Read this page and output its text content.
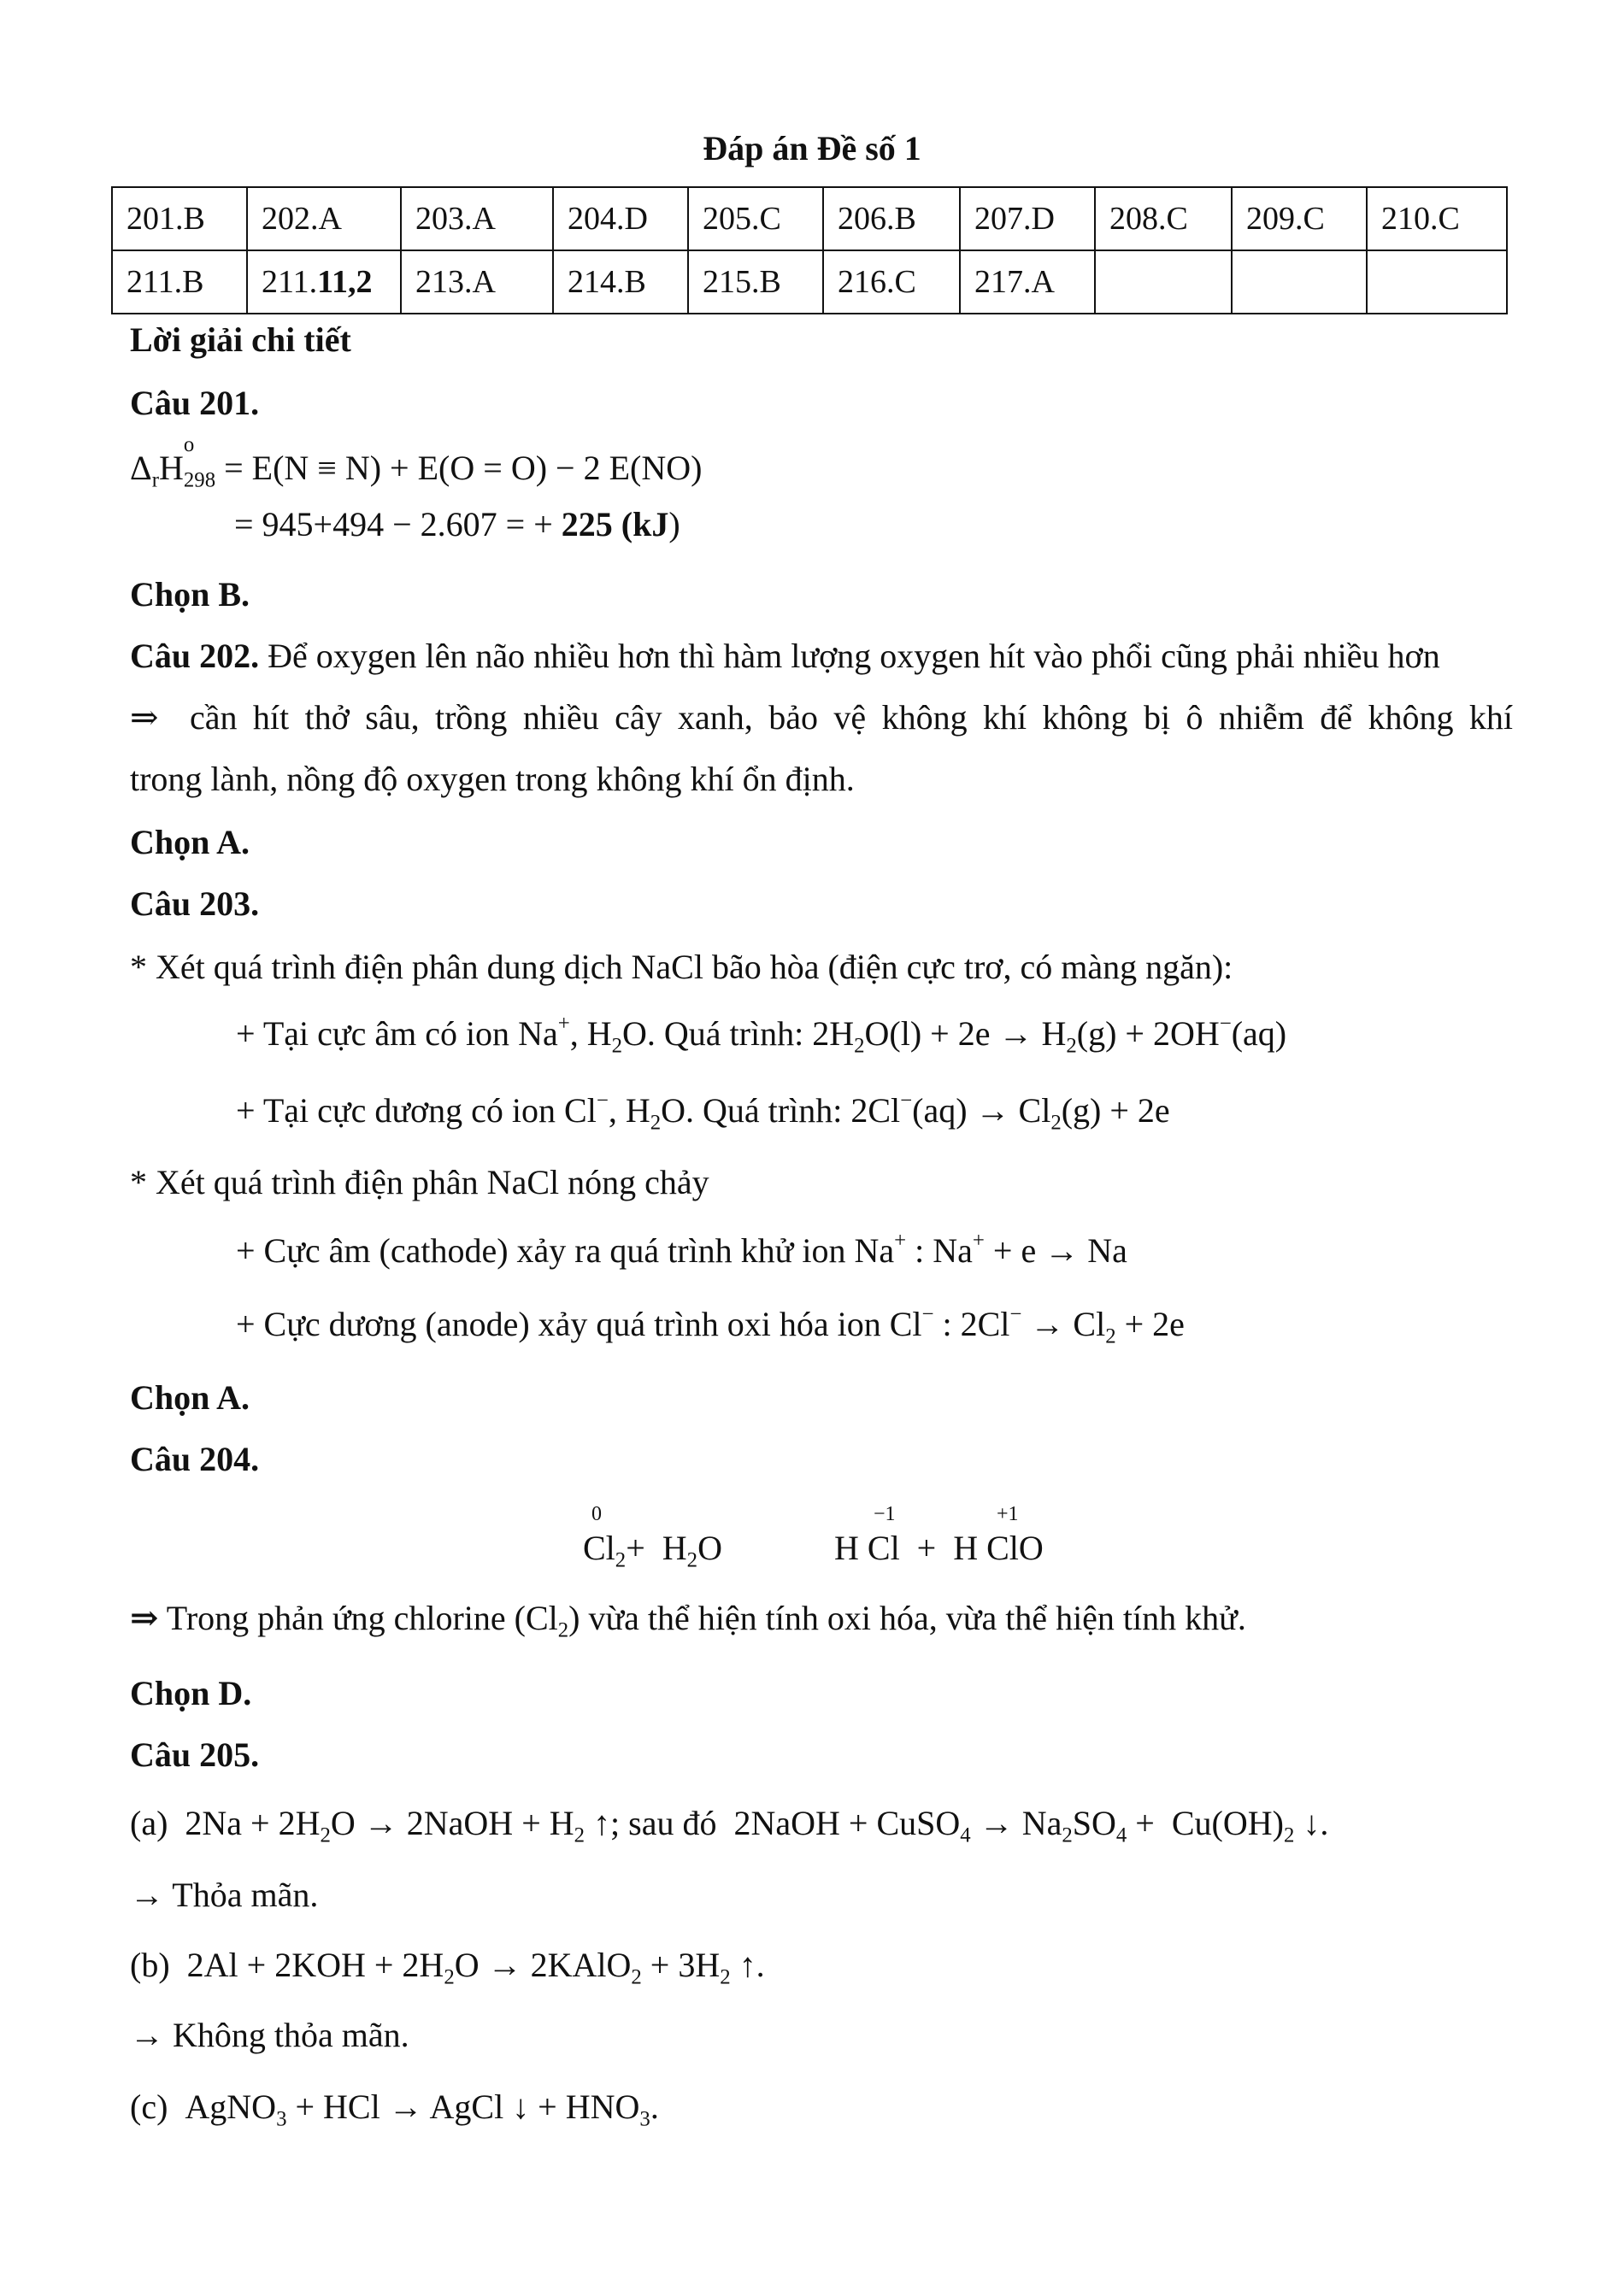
Đáp án Đề số 1
201.B	202.A	203.A	204.D	205.C	206.B	207.D	208.C	209.C	210.C
211.B	211.11,2	213.A	214.B	215.B	216.C	217.A			
Lời giải chi tiết
Câu 201.
$\Delta_rH$
o
$_{298}$ = E(N ≡ N) + E(O = O) − 2 E(NO)
= 945+494 − 2.607 = + 225 (kJ)
Chọn B.
Câu 202. Để oxygen lên não nhiều hơn thì hàm lượng oxygen hít vào phổi cũng phải nhiều hơn
⇒ cần hít thở sâu, trồng nhiều cây xanh, bảo vệ không khí không bị ô nhiễm để không khí
trong lành, nồng độ oxygen trong không khí ổn định.
Chọn A.
Câu 203.
* Xét quá trình điện phân dung dịch NaCl bão hòa (điện cực trơ, có màng ngăn):
+ Tại cực âm có ion Na+, $H_2O$. Quá trình: $2H_2O(l) + 2e \to H_2(g) + 2OH^-(aq)$
+ Tại cực dương có ion Cl−, $H_2O$. Quá trình: $2Cl^-(aq) \to Cl_2(g) + 2e$
* Xét quá trình điện phân NaCl nóng chảy
+ Cực âm (cathode) xảy ra quá trình khử ion Na+ : Na+ + e → Na
+ Cực dương (anode) xảy quá trình oxi hóa ion Cl− : $2Cl^- \to Cl_2 + 2e$
Chọn A.
Câu 204.
0	−1	+1
$Cl_2+ H_2O$	H Cl  +  H ClO
⇒ Trong phản ứng chlorine $(Cl_2)$ vừa thể hiện tính oxi hóa, vừa thể hiện tính khử.
Chọn D.
Câu 205.
(a)  $2Na + 2H_2O$ → 2NaOH + $H_2$ ↑; sau đó  2NaOH + CuSO$_4$ → $Na_2SO_4 + Cu(OH)_2$ ↓.
→ Thỏa mãn.
(b)  $2Al + 2KOH + 2H_2O$ → 2KAlO$_2$ + $3H_2$ ↑.
→ Không thỏa mãn.
(c)  AgNO$_3$ + HCl → AgCl ↓ + $HNO_3$.
